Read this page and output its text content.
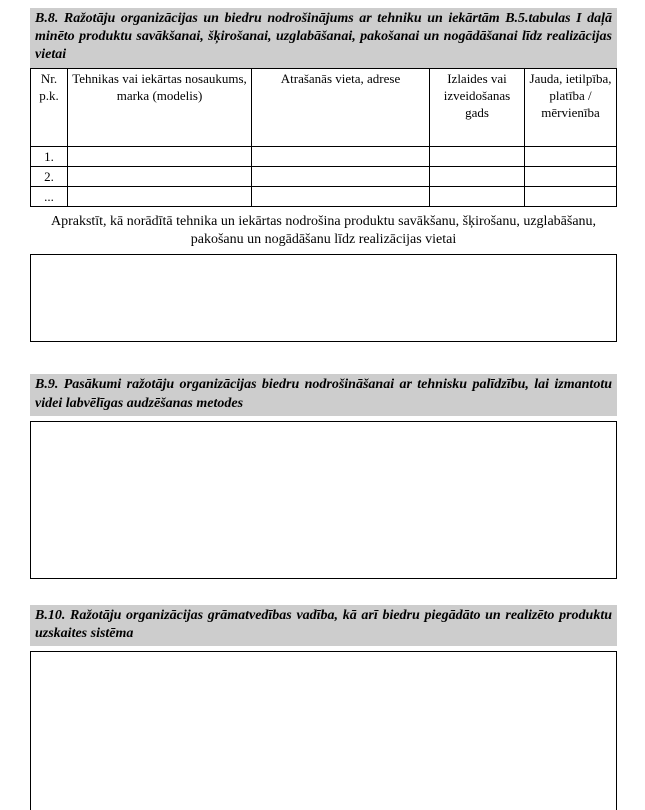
B.8. Ražotāju organizācijas un biedru nodrošinājums ar tehniku un iekārtām B.5.tabulas I daļā minēto produktu savākšanai, šķirošanai, uzglabāšanai, pakošanai un nogādāšanai līdz realizācijas vietai
Nr. p.k.	Tehnikas vai iekārtas nosaukums, marka (modelis)	Atrašanās vieta, adrese	Izlaides vai izveidošanas gads	Jauda, ietilpība, platība / mērvienība
1.				
2.				
...				
Aprakstīt, kā norādītā tehnika un iekārtas nodrošina produktu savākšanu, šķirošanu, uzglabāšanu, pakošanu un nogādāšanu līdz realizācijas vietai
B.9. Pasākumi ražotāju organizācijas biedru nodrošināšanai ar tehnisku palīdzību, lai izmantotu videi labvēlīgas audzēšanas metodes
B.10. Ražotāju organizācijas grāmatvedības vadība, kā arī biedru piegādāto un realizēto produktu uzskaites sistēma
